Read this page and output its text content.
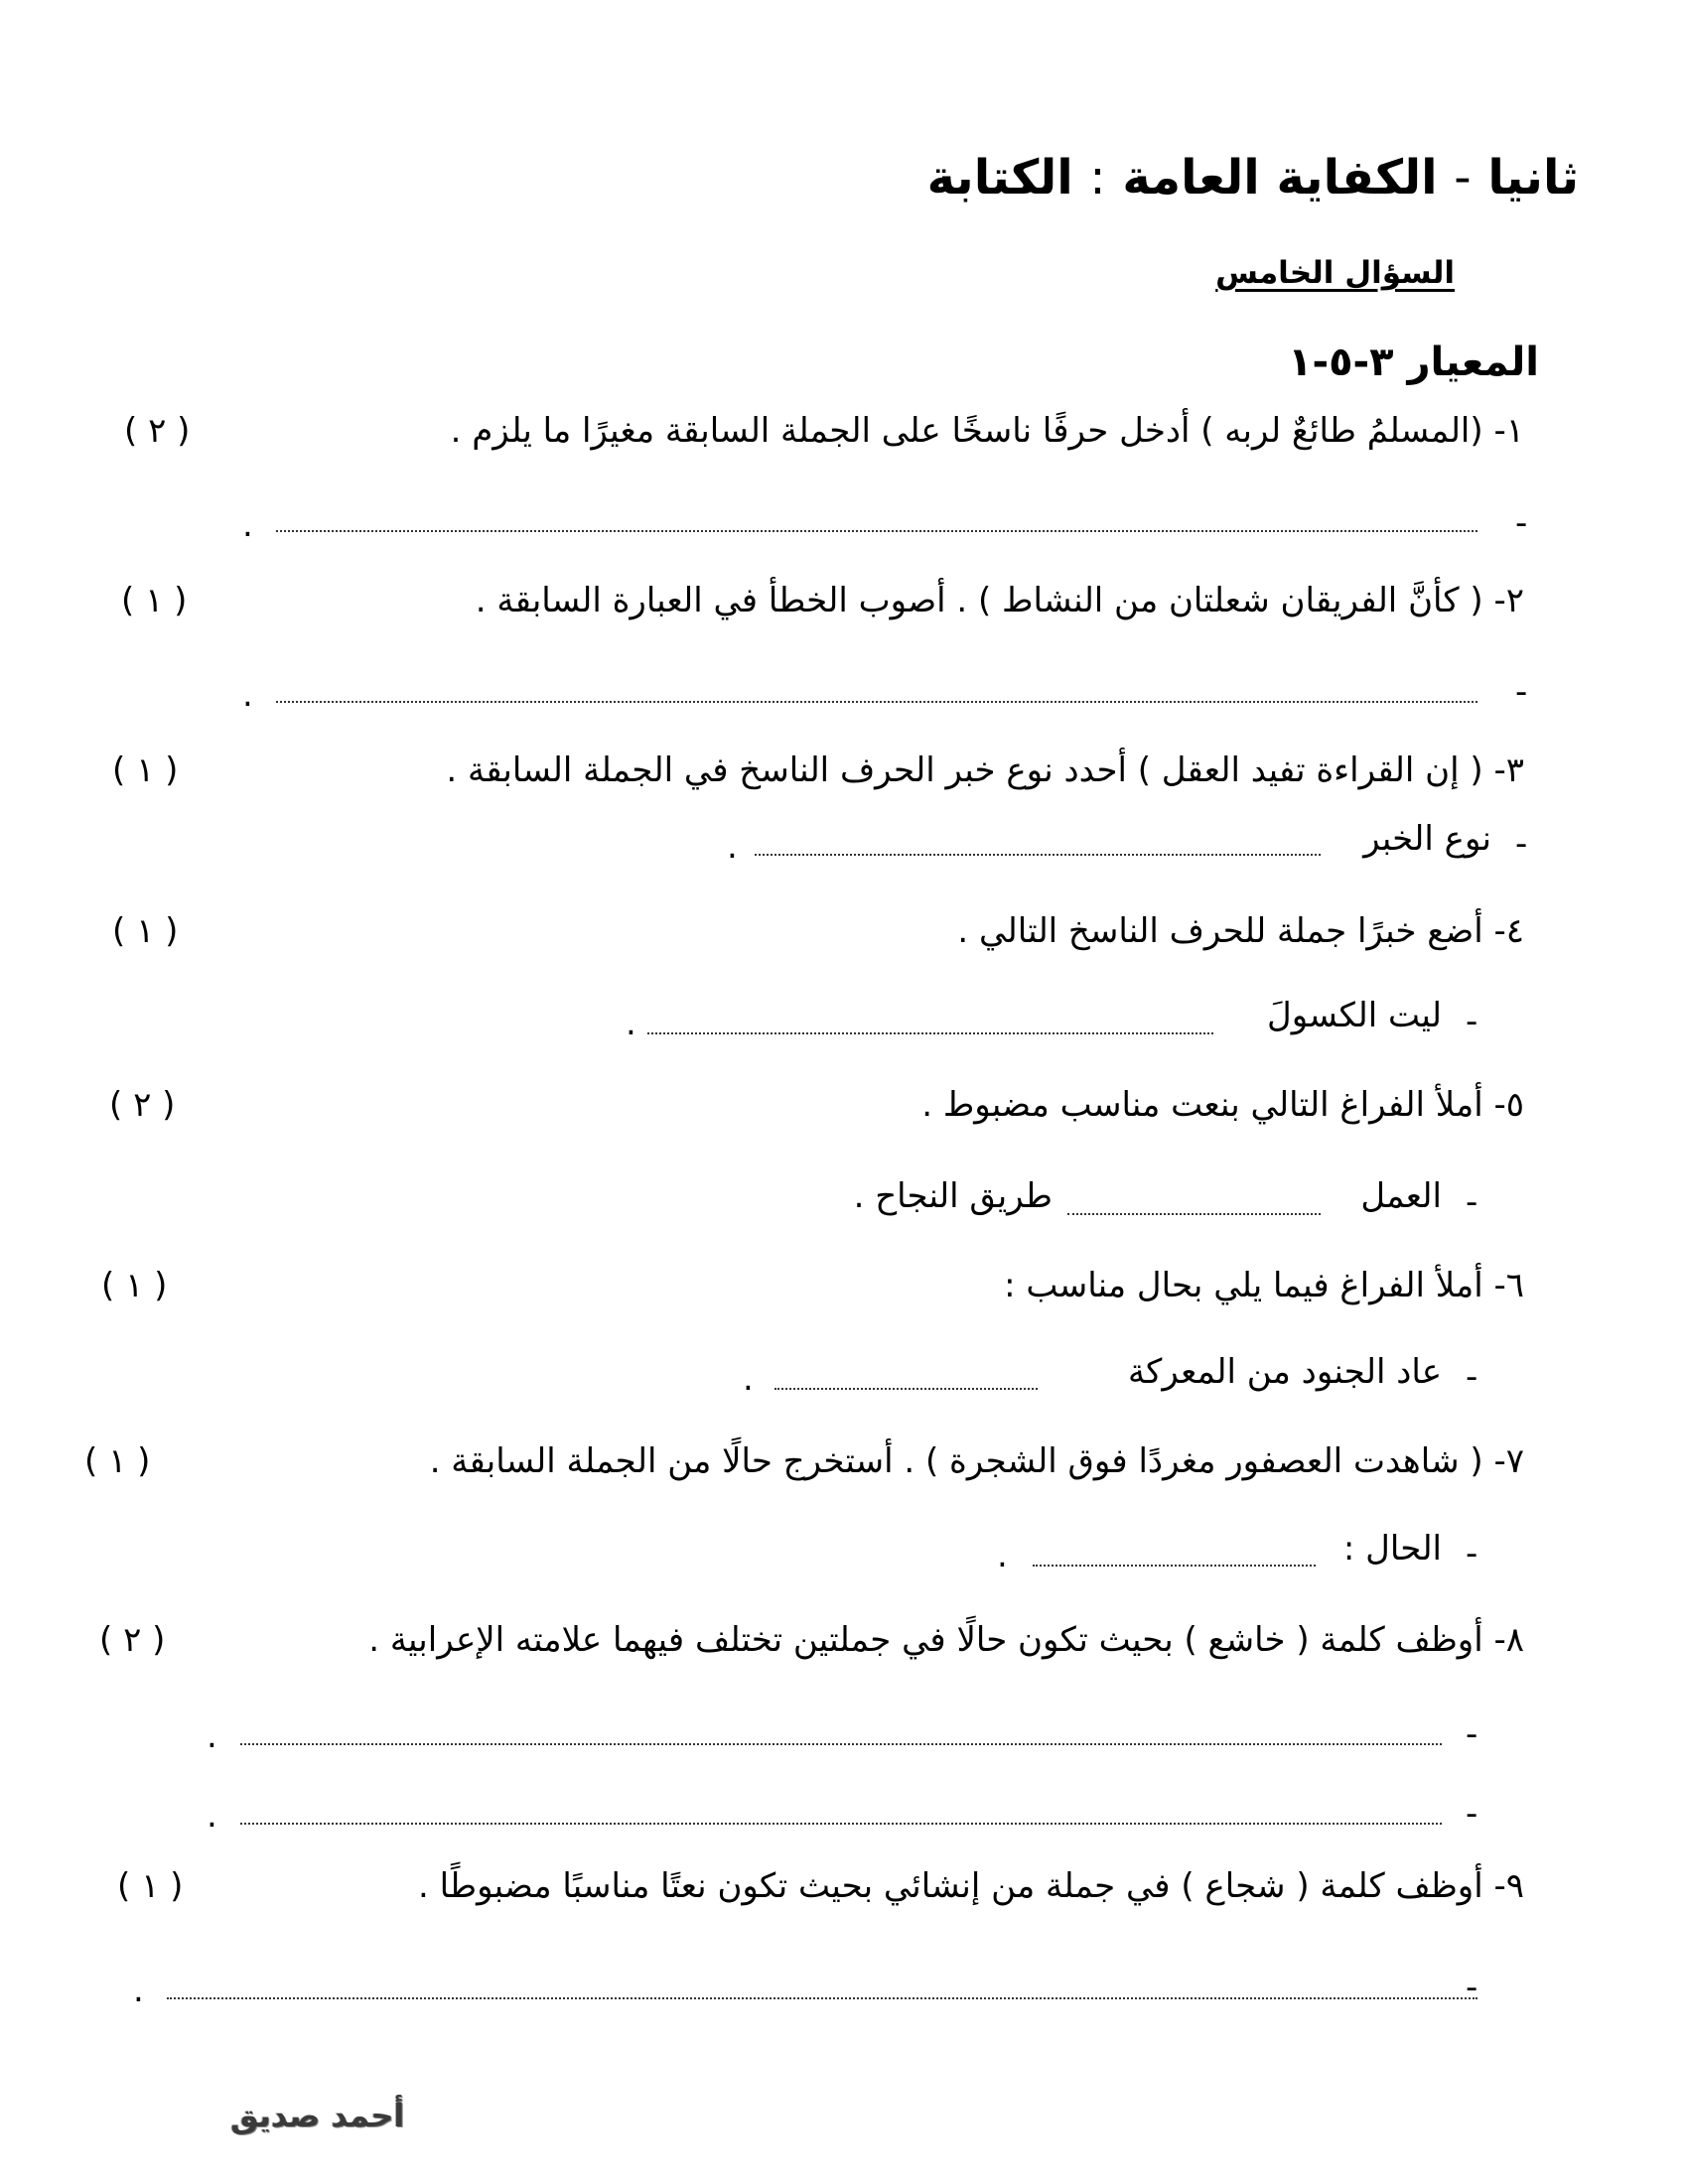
ثانيا - الكفاية العامة : الكتابة
السؤال الخامس
المعيار ٣-٥-١
١- (المسلمُ طائعٌ لربه ) أدخل حرفًا ناسخًا على الجملة السابقة مغيرًا ما يلزم .
( ٢ )
-
.
٢- ( كأنَّ الفريقان شعلتان من النشاط ) . أصوب الخطأ في العبارة السابقة .
( ١ )
-
.
٣- ( إن القراءة تفيد العقل ) أحدد نوع خبر الحرف الناسخ في الجملة السابقة .
( ١ )
-
نوع الخبر
.
٤- أضع خبرًا جملة للحرف الناسخ التالي .
( ١ )
-
ليت الكسولَ
.
٥- أملأ الفراغ التالي بنعت مناسب مضبوط .
( ٢ )
-
العمل
طريق النجاح .
٦- أملأ الفراغ فيما يلي بحال مناسب :
( ١ )
-
عاد الجنود من المعركة
.
٧- ( شاهدت العصفور مغردًا فوق الشجرة ) . أستخرج حالًا من الجملة السابقة .
( ١ )
-
الحال :
.
٨- أوظف كلمة ( خاشع ) بحيث تكون حالًا في جملتين تختلف فيهما علامته الإعرابية .
( ٢ )
-
.
-
.
٩- أوظف كلمة ( شجاع ) في جملة من إنشائي بحيث تكون نعتًا مناسبًا مضبوطًا .
( ١ )
-
.
أحمد صديق
